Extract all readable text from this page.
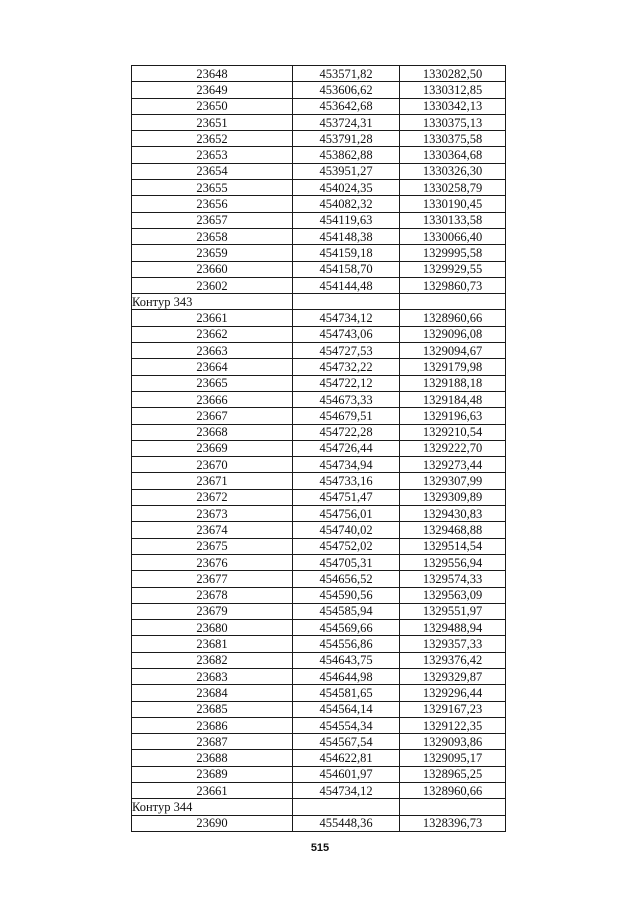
23648	453571,82	1330282,50
23649	453606,62	1330312,85
23650	453642,68	1330342,13
23651	453724,31	1330375,13
23652	453791,28	1330375,58
23653	453862,88	1330364,68
23654	453951,27	1330326,30
23655	454024,35	1330258,79
23656	454082,32	1330190,45
23657	454119,63	1330133,58
23658	454148,38	1330066,40
23659	454159,18	1329995,58
23660	454158,70	1329929,55
23602	454144,48	1329860,73
Контур 343		
23661	454734,12	1328960,66
23662	454743,06	1329096,08
23663	454727,53	1329094,67
23664	454732,22	1329179,98
23665	454722,12	1329188,18
23666	454673,33	1329184,48
23667	454679,51	1329196,63
23668	454722,28	1329210,54
23669	454726,44	1329222,70
23670	454734,94	1329273,44
23671	454733,16	1329307,99
23672	454751,47	1329309,89
23673	454756,01	1329430,83
23674	454740,02	1329468,88
23675	454752,02	1329514,54
23676	454705,31	1329556,94
23677	454656,52	1329574,33
23678	454590,56	1329563,09
23679	454585,94	1329551,97
23680	454569,66	1329488,94
23681	454556,86	1329357,33
23682	454643,75	1329376,42
23683	454644,98	1329329,87
23684	454581,65	1329296,44
23685	454564,14	1329167,23
23686	454554,34	1329122,35
23687	454567,54	1329093,86
23688	454622,81	1329095,17
23689	454601,97	1328965,25
23661	454734,12	1328960,66
Контур 344		
23690	455448,36	1328396,73
515
